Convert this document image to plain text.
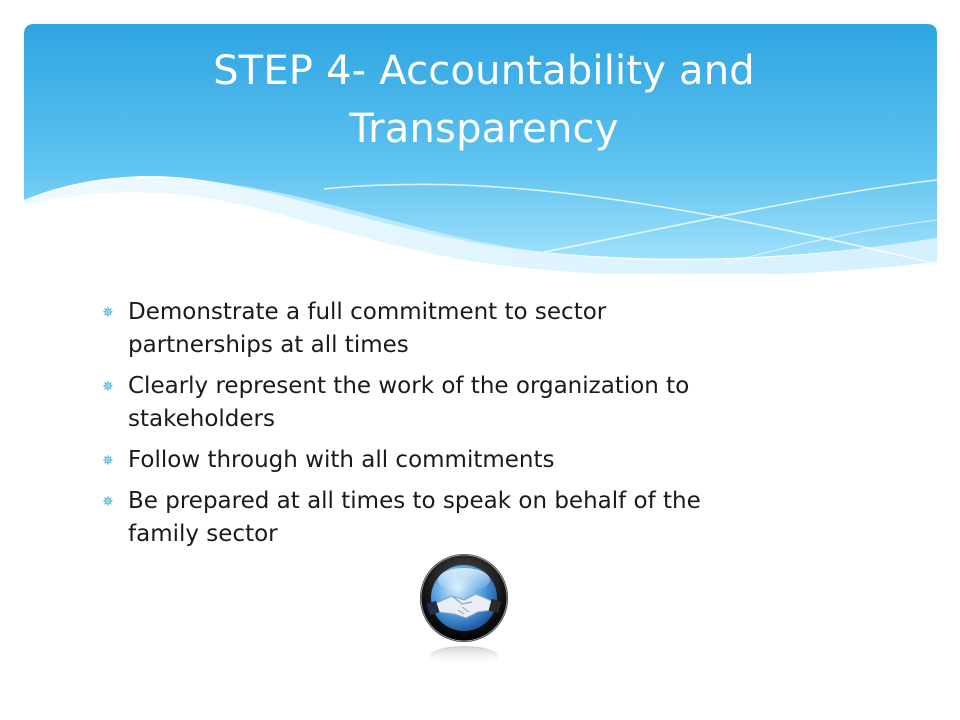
STEP 4- Accountability and
Transparency
✵ Demonstrate a full commitment to sector
partnerships at all times
✵ Clearly represent the work of the organization to
stakeholders
✵ Follow through with all commitments
✵ Be prepared at all times to speak on behalf of the
family sector
